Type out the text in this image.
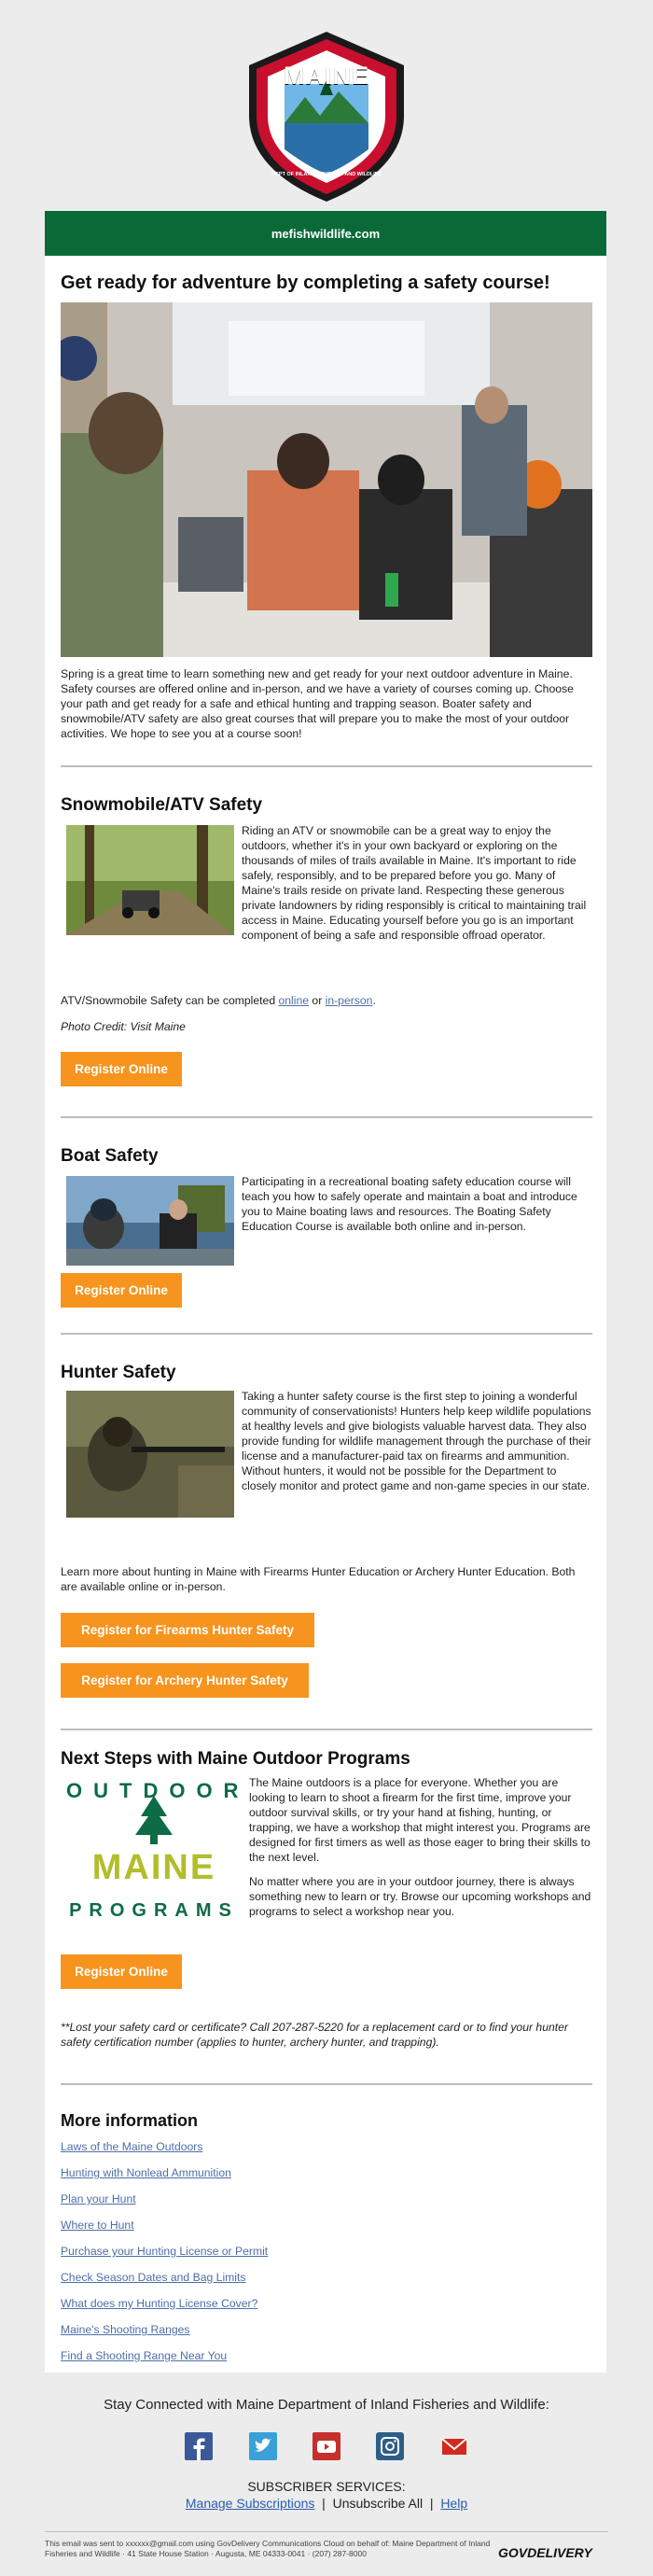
MAINE
DEPT OF INLAND FISHERIES AND WILDLIFE
mefishwildlife.com
Get ready for adventure by completing a safety course!

Spring is a great time to learn something new and get ready for your next outdoor adventure in Maine. Safety courses are offered online and in-person, and we have a variety of courses coming up. Choose your path and get ready for a safe and ethical hunting and trapping season. Boater safety and snowmobile/ATV safety are also great courses that will prepare you to make the most of your outdoor activities. We hope to see you at a course soon!

Snowmobile/ATV Safety

Riding an ATV or snowmobile can be a great way to enjoy the outdoors, whether it's in your own backyard or exploring on the thousands of miles of trails available in Maine. It's important to ride safely, responsibly, and to be prepared before you go. Many of Maine's trails reside on private land. Respecting these generous private landowners by riding responsibly is critical to maintaining trail access in Maine. Educating yourself before you go is an important component of being a safe and responsible offroad operator.

ATV/Snowmobile Safety can be completed online or in-person.

Photo Credit: Visit Maine

Register Online
Boat Safety

Participating in a recreational boating safety education course will teach you how to safely operate and maintain a boat and introduce you to Maine boating laws and resources. The Boating Safety Education Course is available both online and in-person.

Register Online
Hunter Safety

Taking a hunter safety course is the first step to joining a wonderful community of conservationists! Hunters help keep wildlife populations at healthy levels and give biologists valuable harvest data. They also provide funding for wildlife management through the purchase of their license and a manufacturer-paid tax on firearms and ammunition. Without hunters, it would not be possible for the Department to closely monitor and protect game and non-game species in our state.

Learn more about hunting in Maine with Firearms Hunter Education or Archery Hunter Education. Both are available online or in-person.

Register for Firearms Hunter Safety
Register for Archery Hunter Safety
Next Steps with Maine Outdoor Programs
OUTDOOR
MAINE
PROGRAMS

The Maine outdoors is a place for everyone. Whether you are looking to learn to shoot a firearm for the first time, improve your outdoor survival skills, or try your hand at fishing, hunting, or trapping, we have a workshop that might interest you. Programs are designed for first timers as well as those eager to bring their skills to the next level.

No matter where you are in your outdoor journey, there is always something new to learn or try. Browse our upcoming workshops and programs to select a workshop near you.

Register Online

**Lost your safety card or certificate? Call 207-287-5220 for a replacement card or to find your hunter safety certification number (applies to hunter, archery hunter, and trapping).

More information
Laws of the Maine Outdoors
Hunting with Nonlead Ammunition
Plan your Hunt
Where to Hunt
Purchase your Hunting License or Permit
Check Season Dates and Bag Limits
What does my Hunting License Cover?
Maine's Shooting Ranges
Find a Shooting Range Near You
Stay Connected with Maine Department of Inland Fisheries and Wildlife:

SUBSCRIBER SERVICES:
Manage Subscriptions  |  Unsubscribe All  |  Help
This email was sent to xxxxxx@gmail.com using GovDelivery Communications Cloud on behalf of: Maine Department of Inland Fisheries and Wildlife · 41 State House Station · Augusta, ME 04333-0041 · (207) 287-8000	GOVDELIVERY
